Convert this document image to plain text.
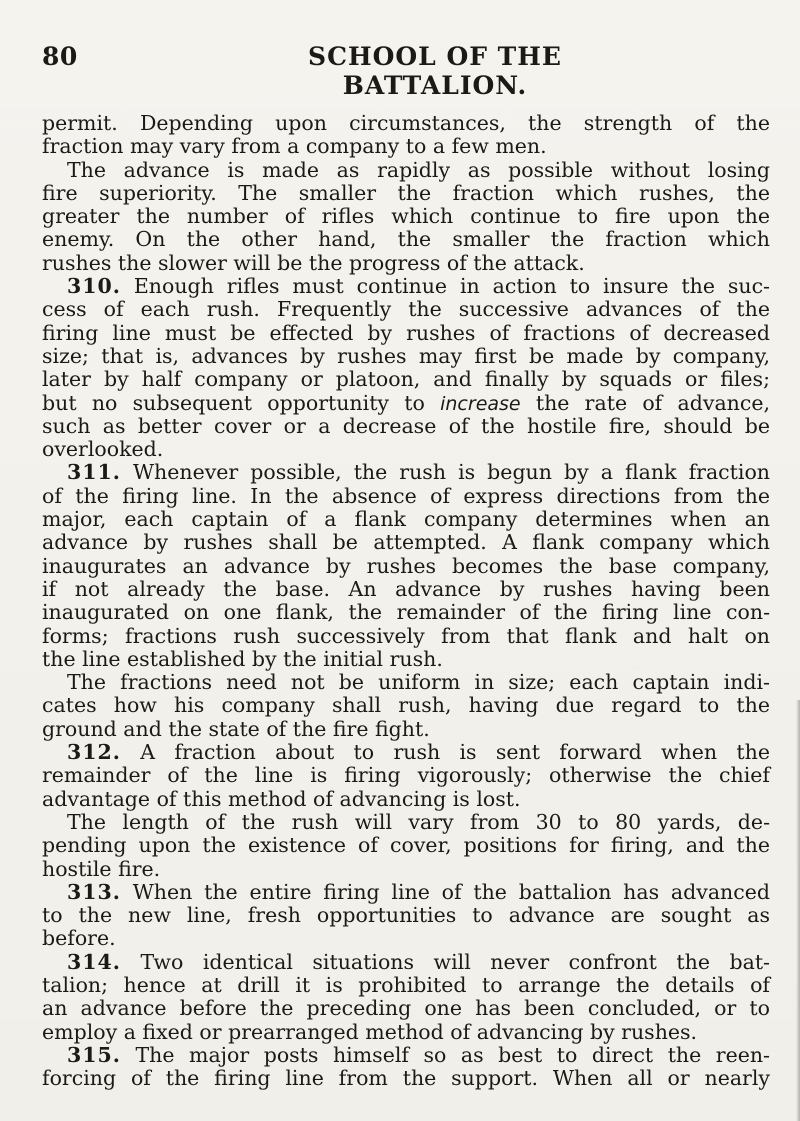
80	SCHOOL OF THE BATTALION.
permit. Depending upon circumstances, the strength of the
fraction may vary from a company to a few men.
The advance is made as rapidly as possible without losing
fire superiority. The smaller the fraction which rushes, the
greater the number of rifles which continue to fire upon the
enemy. On the other hand, the smaller the fraction which
rushes the slower will be the progress of the attack.
310. Enough rifles must continue in action to insure the suc-
cess of each rush. Frequently the successive advances of the
firing line must be effected by rushes of fractions of decreased
size; that is, advances by rushes may first be made by company,
later by half company or platoon, and finally by squads or files;
but no subsequent opportunity to increase the rate of advance,
such as better cover or a decrease of the hostile fire, should be
overlooked.
311. Whenever possible, the rush is begun by a flank fraction
of the firing line. In the absence of express directions from the
major, each captain of a flank company determines when an
advance by rushes shall be attempted. A flank company which
inaugurates an advance by rushes becomes the base company,
if not already the base. An advance by rushes having been
inaugurated on one flank, the remainder of the firing line con-
forms; fractions rush successively from that flank and halt on
the line established by the initial rush.
The fractions need not be uniform in size; each captain indi-
cates how his company shall rush, having due regard to the
ground and the state of the fire fight.
312. A fraction about to rush is sent forward when the
remainder of the line is firing vigorously; otherwise the chief
advantage of this method of advancing is lost.
The length of the rush will vary from 30 to 80 yards, de-
pending upon the existence of cover, positions for firing, and the
hostile fire.
313. When the entire firing line of the battalion has advanced
to the new line, fresh opportunities to advance are sought as
before.
314. Two identical situations will never confront the bat-
talion; hence at drill it is prohibited to arrange the details of
an advance before the preceding one has been concluded, or to
employ a fixed or prearranged method of advancing by rushes.
315. The major posts himself so as best to direct the reen-
forcing of the firing line from the support. When all or nearly
